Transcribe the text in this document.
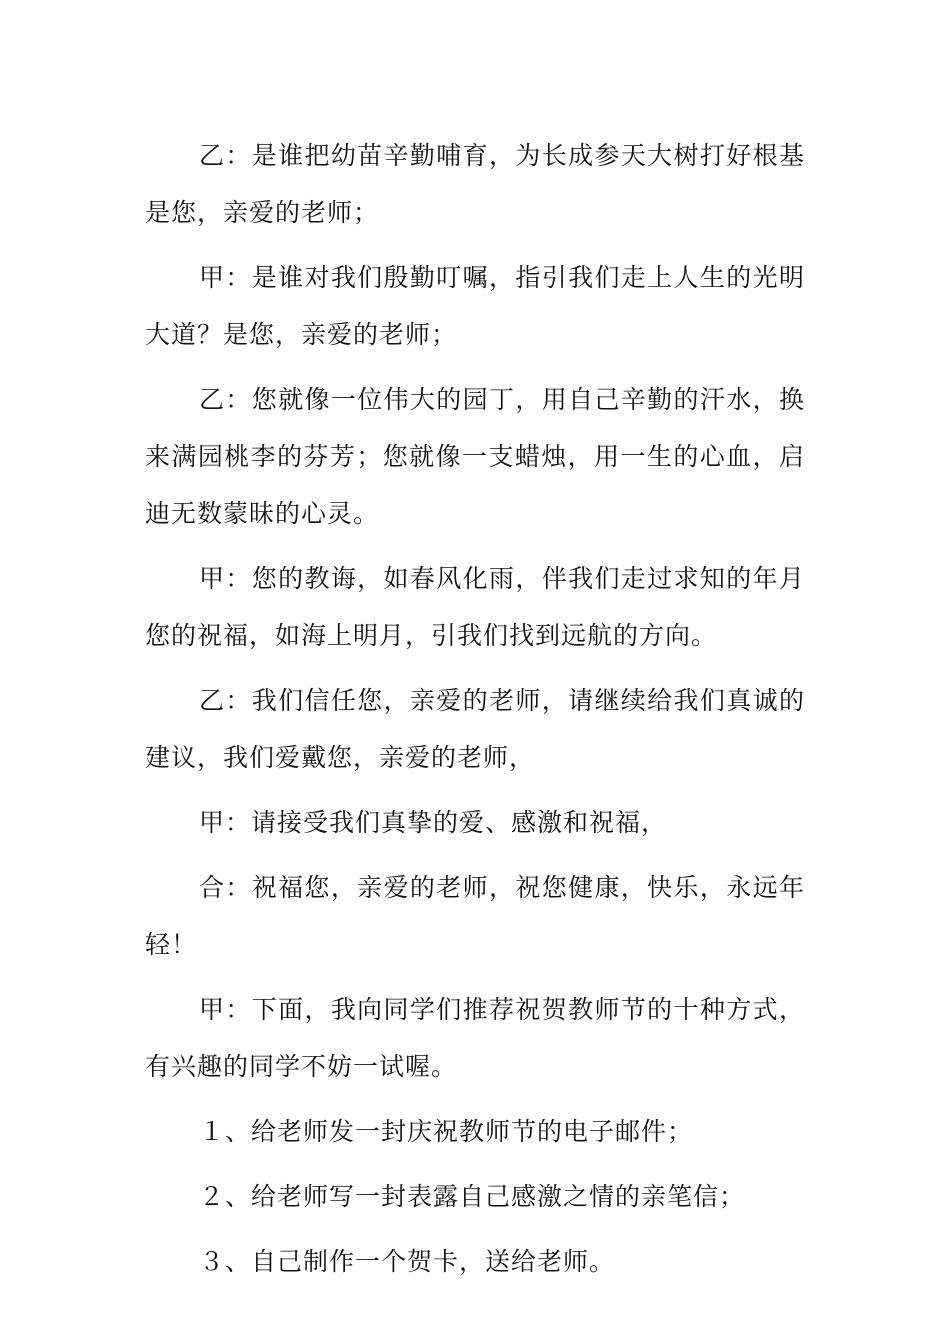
乙：是谁把幼苗辛勤哺育，为长成参天大树打好根基是您，亲爱的老师；

甲：是谁对我们殷勤叮嘱，指引我们走上人生的光明大道？是您，亲爱的老师；

乙：您就像一位伟大的园丁，用自己辛勤的汗水，换来满园桃李的芬芳；您就像一支蜡烛，用一生的心血，启迪无数蒙昧的心灵。

甲：您的教诲，如春风化雨，伴我们走过求知的年月您的祝福，如海上明月，引我们找到远航的方向。

乙：我们信任您，亲爱的老师，请继续给我们真诚的建议，我们爱戴您，亲爱的老师，

甲：请接受我们真挚的爱、感激和祝福，

合：祝福您，亲爱的老师，祝您健康，快乐，永远年轻！

甲：下面，我向同学们推荐祝贺教师节的十种方式，有兴趣的同学不妨一试喔。

１、给老师发一封庆祝教师节的电子邮件；

２、给老师写一封表露自己感激之情的亲笔信；

３、自己制作一个贺卡，送给老师。
